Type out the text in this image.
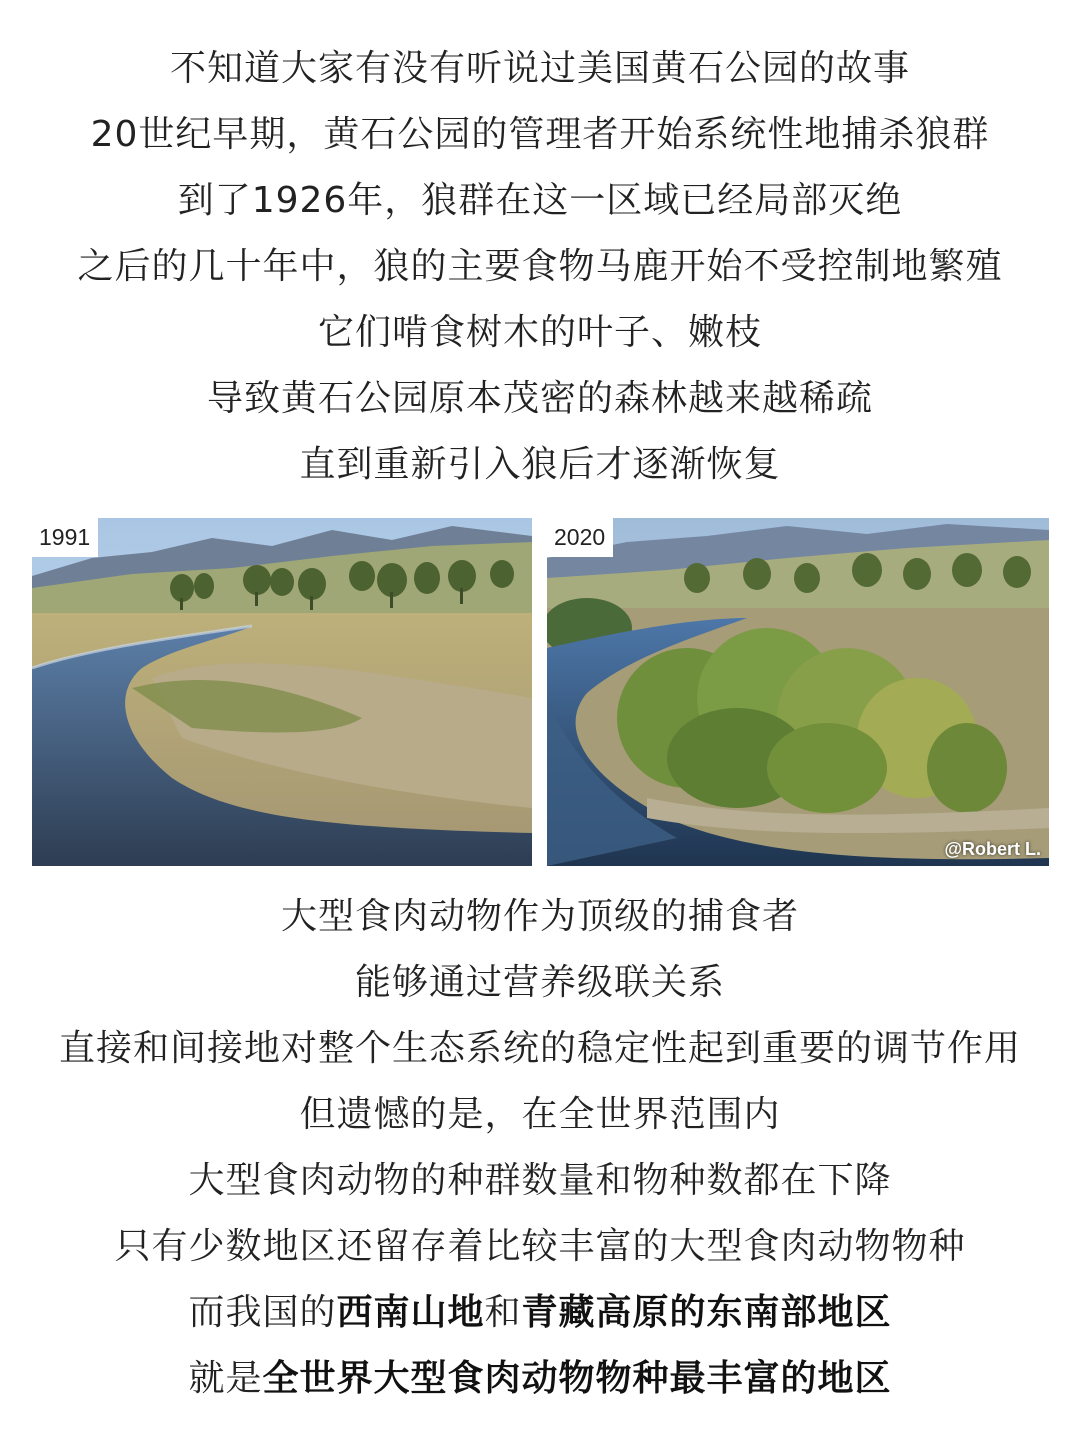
不知道大家有没有听说过美国黄石公园的故事
20世纪早期，黄石公园的管理者开始系统性地捕杀狼群
到了1926年，狼群在这一区域已经局部灭绝
之后的几十年中，狼的主要食物马鹿开始不受控制地繁殖
它们啃食树木的叶子、嫩枝
导致黄石公园原本茂密的森林越来越稀疏
直到重新引入狼后才逐渐恢复
1991	2020
@Robert L.
大型食肉动物作为顶级的捕食者
能够通过营养级联关系
直接和间接地对整个生态系统的稳定性起到重要的调节作用
但遗憾的是，在全世界范围内
大型食肉动物的种群数量和物种数都在下降
只有少数地区还留存着比较丰富的大型食肉动物物种
而我国的西南山地和青藏高原的东南部地区
就是全世界大型食肉动物物种最丰富的地区
